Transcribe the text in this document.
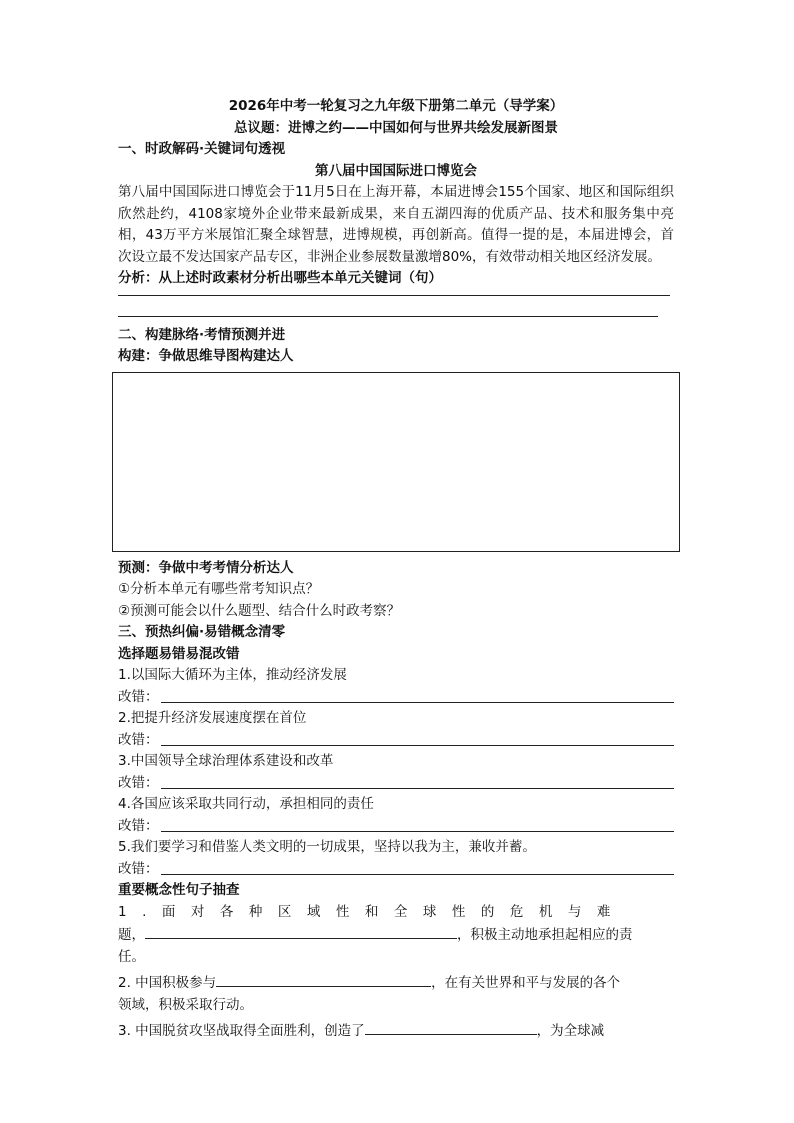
2026年中考一轮复习之九年级下册第二单元（导学案）
总议题：进博之约——中国如何与世界共绘发展新图景
一、时政解码·关键词句透视
第八届中国国际进口博览会
第八届中国国际进口博览会于11月5日在上海开幕，本届进博会155个国家、地区和国际组织欣然赴约，4108家境外企业带来最新成果，来自五湖四海的优质产品、技术和服务集中亮相，43万平方米展馆汇聚全球智慧，进博规模，再创新高。值得一提的是，本届进博会，首次设立最不发达国家产品专区，非洲企业参展数量激增80%，有效带动相关地区经济发展。
分析：从上述时政素材分析出哪些本单元关键词（句）
二、构建脉络·考情预测并进
构建：争做思维导图构建达人
预测：争做中考考情分析达人
①分析本单元有哪些常考知识点？
②预测可能会以什么题型、结合什么时政考察？
三、预热纠偏·易错概念清零
选择题易错易混改错
1.以国际大循环为主体，推动经济发展
改错：
2.把提升经济发展速度摆在首位
改错：
3.中国领导全球治理体系建设和改革
改错：
4.各国应该采取共同行动，承担相同的责任
改错：
5.我们要学习和借鉴人类文明的一切成果，坚持以我为主，兼收并蓄。
改错：
重要概念性句子抽查
1.面对各种区域性和全球性的危机与难
题，	，积极主动地承担起相应的责
任。
2. 中国积极参与	，在有关世界和平与发展的各个
领域，积极采取行动。
3. 中国脱贫攻坚战取得全面胜利，创造了	，为全球减
